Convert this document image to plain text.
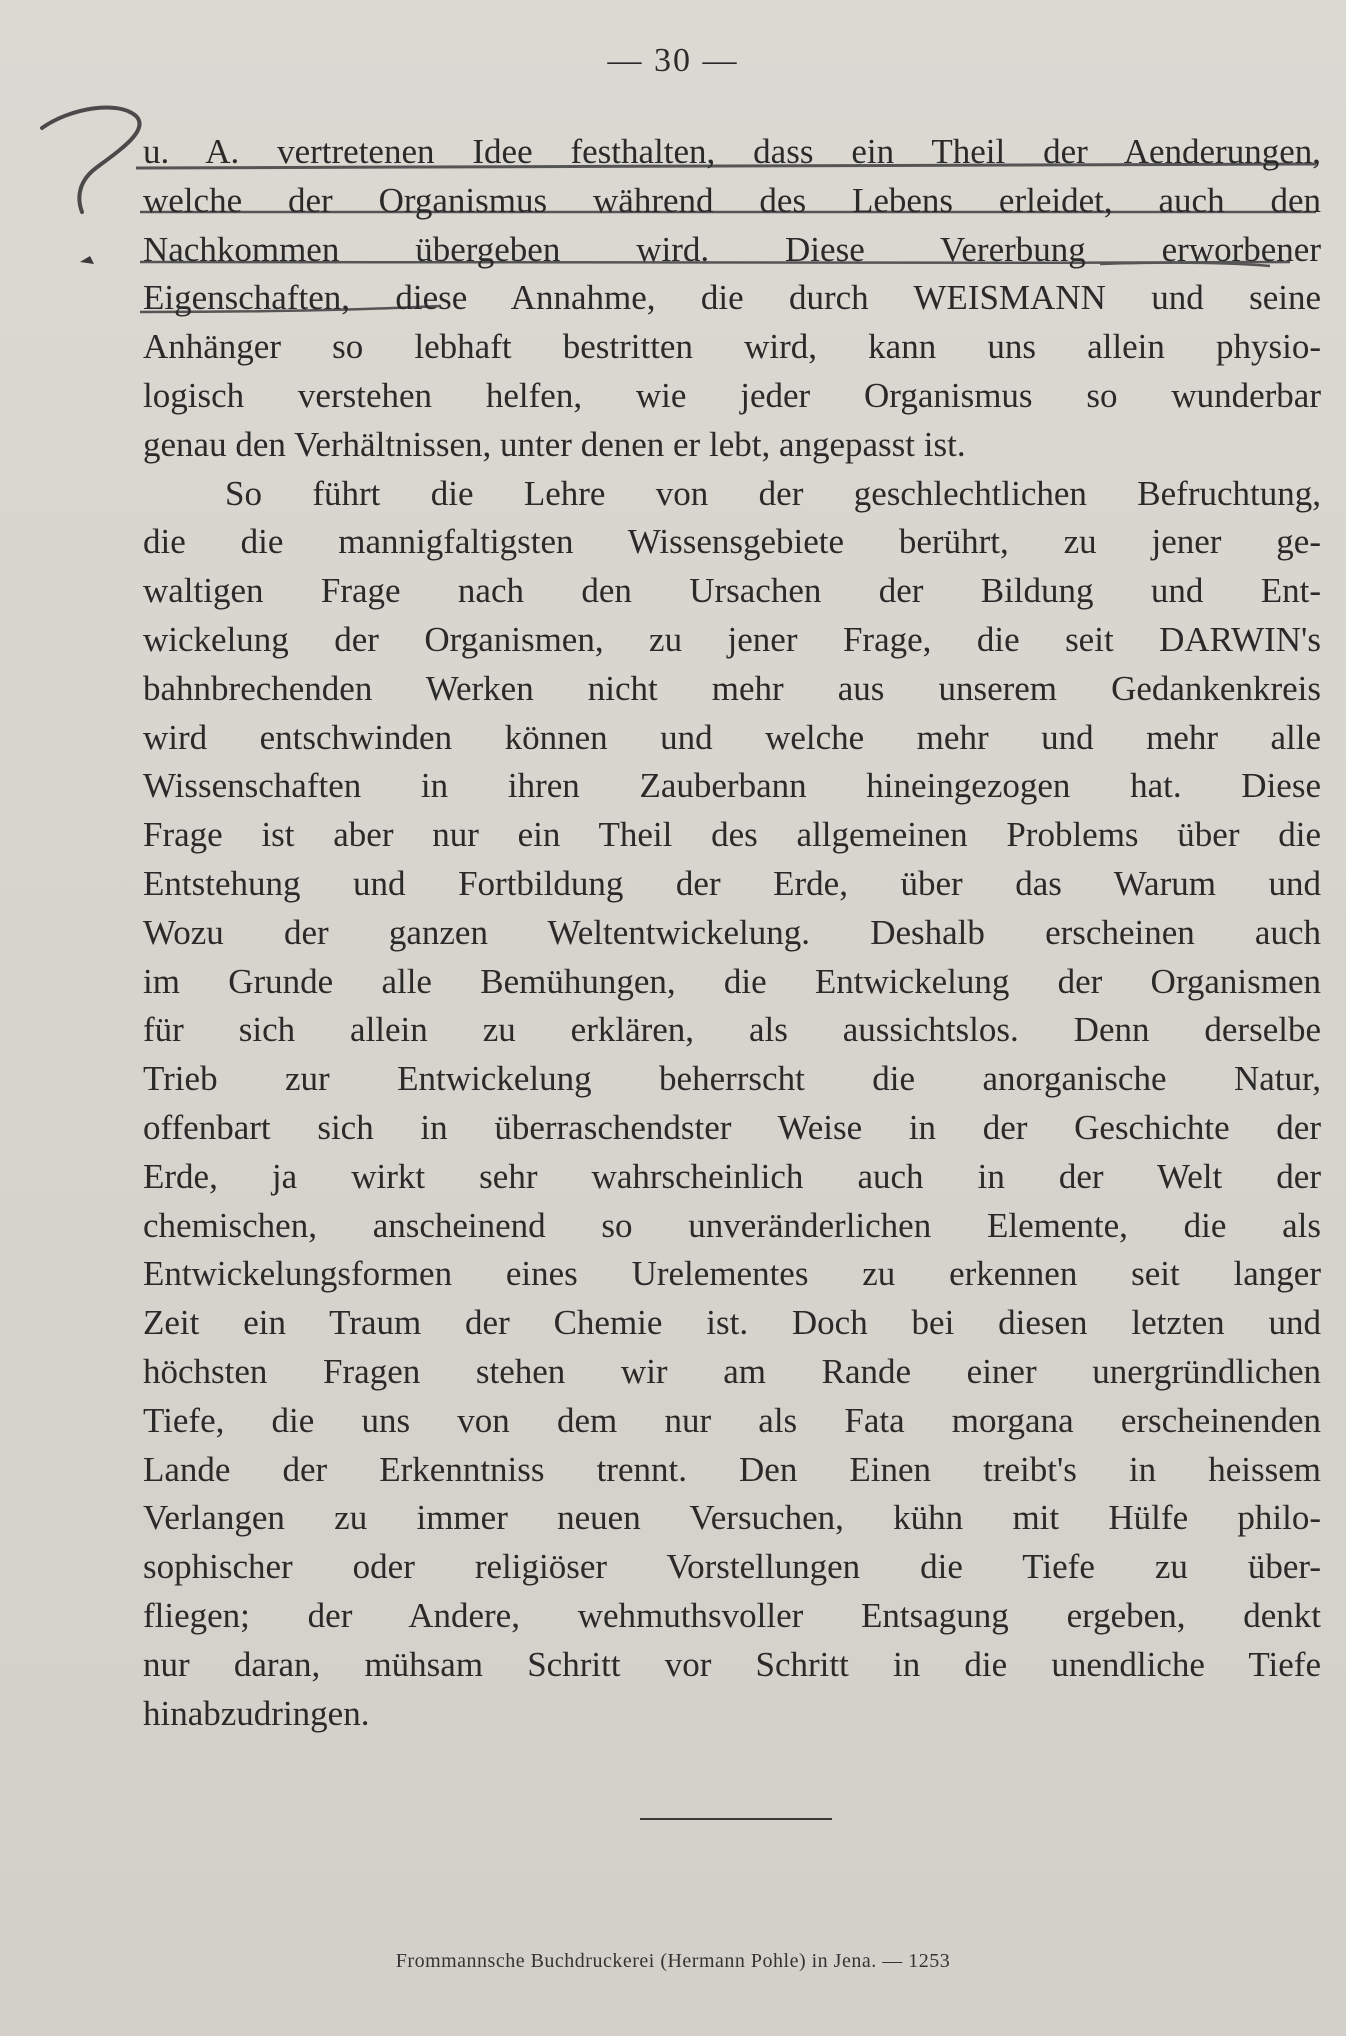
— 30 —
u. A. vertretenen Idee festhalten, dass ein Theil der Aenderungen,
welche der Organismus während des Lebens erleidet, auch den
Nachkommen übergeben wird. Diese Vererbung erworbener
Eigenschaften, diese Annahme, die durch WEISMANN und seine
Anhänger so lebhaft bestritten wird, kann uns allein physio-
logisch verstehen helfen, wie jeder Organismus so wunderbar
genau den Verhältnissen, unter denen er lebt, angepasst ist.
So führt die Lehre von der geschlechtlichen Befruchtung,
die die mannigfaltigsten Wissensgebiete berührt, zu jener ge-
waltigen Frage nach den Ursachen der Bildung und Ent-
wickelung der Organismen, zu jener Frage, die seit DARWIN's
bahnbrechenden Werken nicht mehr aus unserem Gedankenkreis
wird entschwinden können und welche mehr und mehr alle
Wissenschaften in ihren Zauberbann hineingezogen hat. Diese
Frage ist aber nur ein Theil des allgemeinen Problems über die
Entstehung und Fortbildung der Erde, über das Warum und
Wozu der ganzen Weltentwickelung. Deshalb erscheinen auch
im Grunde alle Bemühungen, die Entwickelung der Organismen
für sich allein zu erklären, als aussichtslos. Denn derselbe
Trieb zur Entwickelung beherrscht die anorganische Natur,
offenbart sich in überraschendster Weise in der Geschichte der
Erde, ja wirkt sehr wahrscheinlich auch in der Welt der
chemischen, anscheinend so unveränderlichen Elemente, die als
Entwickelungsformen eines Urelementes zu erkennen seit langer
Zeit ein Traum der Chemie ist. Doch bei diesen letzten und
höchsten Fragen stehen wir am Rande einer unergründlichen
Tiefe, die uns von dem nur als Fata morgana erscheinenden
Lande der Erkenntniss trennt. Den Einen treibt's in heissem
Verlangen zu immer neuen Versuchen, kühn mit Hülfe philo-
sophischer oder religiöser Vorstellungen die Tiefe zu über-
fliegen; der Andere, wehmuthsvoller Entsagung ergeben, denkt
nur daran, mühsam Schritt vor Schritt in die unendliche Tiefe
hinabzudringen.
Frommannsche Buchdruckerei (Hermann Pohle) in Jena. — 1253
